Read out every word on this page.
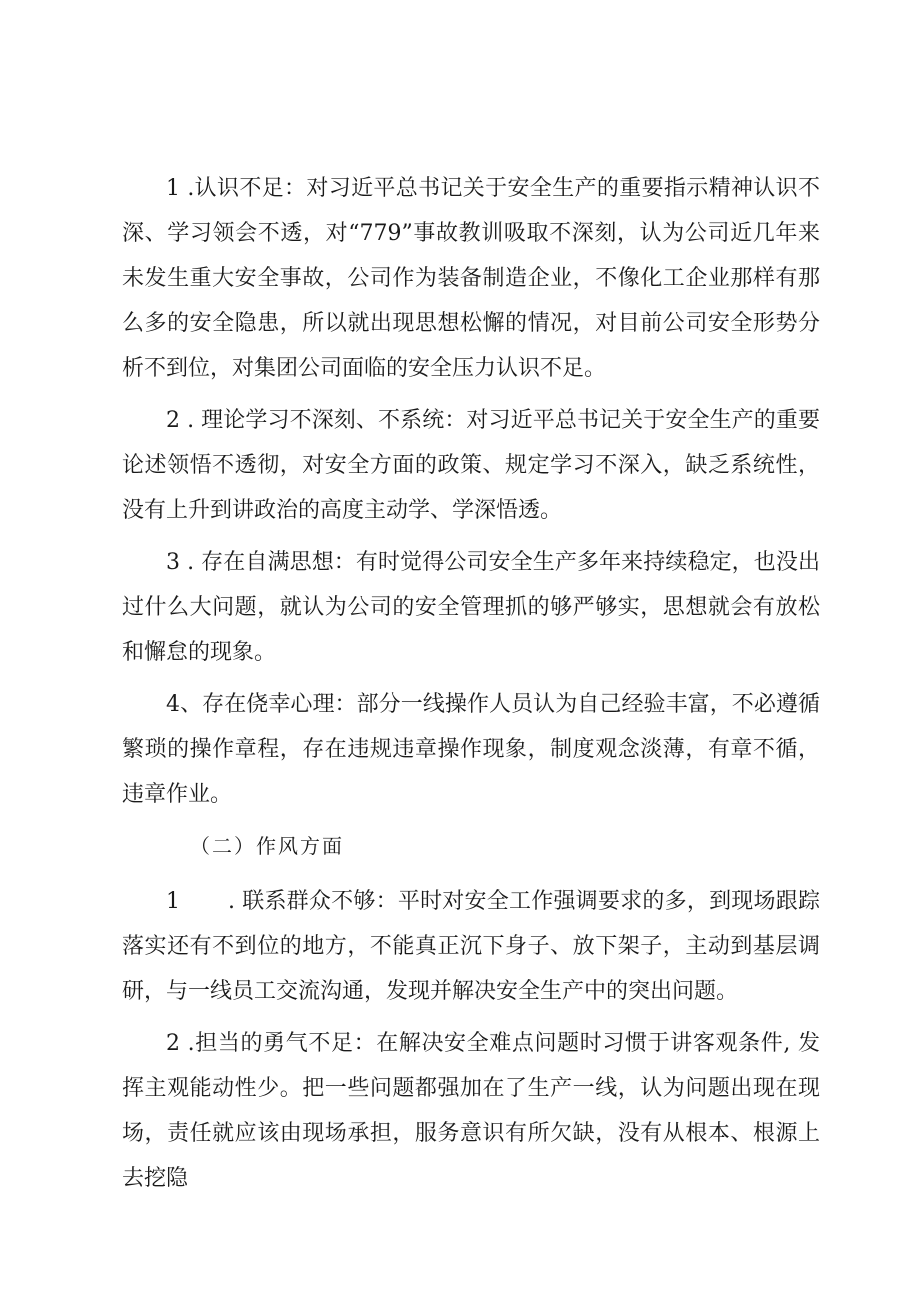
1 .认识不足：对习近平总书记关于安全生产的重要指示精神认识不深、学习领会不透，对“779”事故教训吸取不深刻，认为公司近几年来未发生重大安全事故，公司作为装备制造企业，不像化工企业那样有那么多的安全隐患，所以就出现思想松懈的情况，对目前公司安全形势分析不到位，对集团公司面临的安全压力认识不足。

2 . 理论学习不深刻、不系统：对习近平总书记关于安全生产的重要论述领悟不透彻，对安全方面的政策、规定学习不深入，缺乏系统性，没有上升到讲政治的高度主动学、学深悟透。

3 . 存在自满思想：有时觉得公司安全生产多年来持续稳定，也没出过什么大问题，就认为公司的安全管理抓的够严够实，思想就会有放松和懈怠的现象。

4、存在侥幸心理：部分一线操作人员认为自己经验丰富，不必遵循繁琐的操作章程，存在违规违章操作现象，制度观念淡薄，有章不循，违章作业。

（二）作风方面

1 . 联系群众不够：平时对安全工作强调要求的多，到现场跟踪落实还有不到位的地方，不能真正沉下身子、放下架子，主动到基层调研，与一线员工交流沟通，发现并解决安全生产中的突出问题。

2 .担当的勇气不足：在解决安全难点问题时习惯于讲客观条件, 发挥主观能动性少。把一些问题都强加在了生产一线，认为问题出现在现场，责任就应该由现场承担，服务意识有所欠缺，没有从根本、根源上去挖隐
